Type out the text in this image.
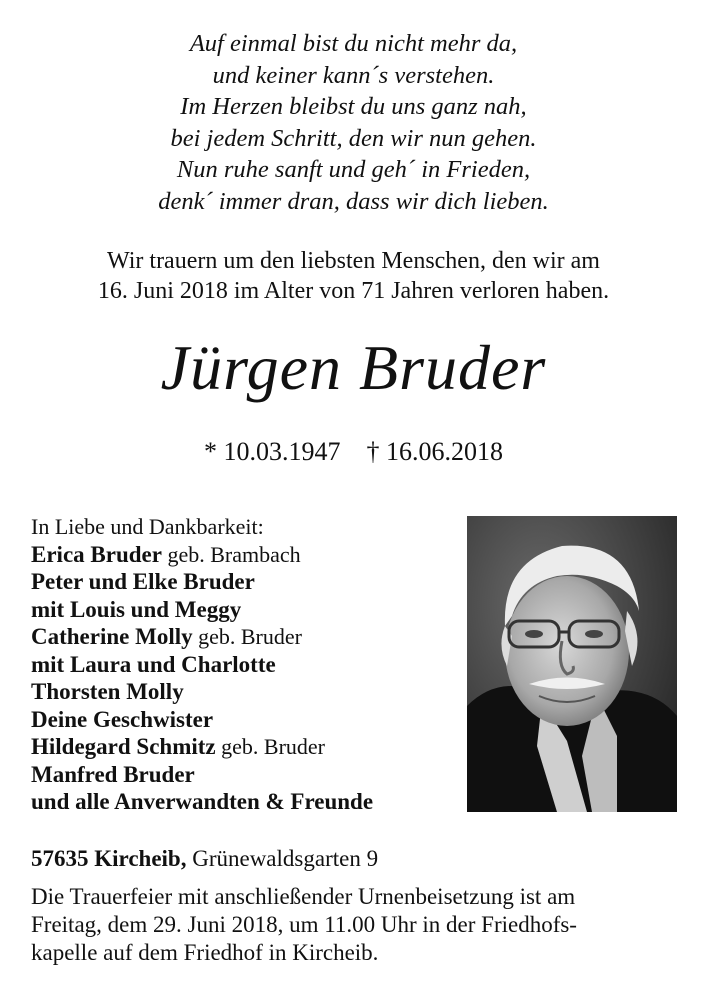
Auf einmal bist du nicht mehr da,
und keiner kann´s verstehen.
Im Herzen bleibst du uns ganz nah,
bei jedem Schritt, den wir nun gehen.
Nun ruhe sanft und geh´ in Frieden,
denk´ immer dran, dass wir dich lieben.
Wir trauern um den liebsten Menschen, den wir am
16. Juni 2018 im Alter von 71 Jahren verloren haben.
Jürgen Bruder
* 10.03.1947 † 16.06.2018
In Liebe und Dankbarkeit:
Erica Bruder geb. Brambach
Peter und Elke Bruder
mit Louis und Meggy
Catherine Molly geb. Bruder
mit Laura und Charlotte
Thorsten Molly
Deine Geschwister
Hildegard Schmitz geb. Bruder
Manfred Bruder
und alle Anverwandten & Freunde
57635 Kircheib, Grünewaldsgarten 9
Die Trauerfeier mit anschließender Urnenbeisetzung ist am
Freitag, dem 29. Juni 2018, um 11.00 Uhr in der Friedhofs-
kapelle auf dem Friedhof in Kircheib.
